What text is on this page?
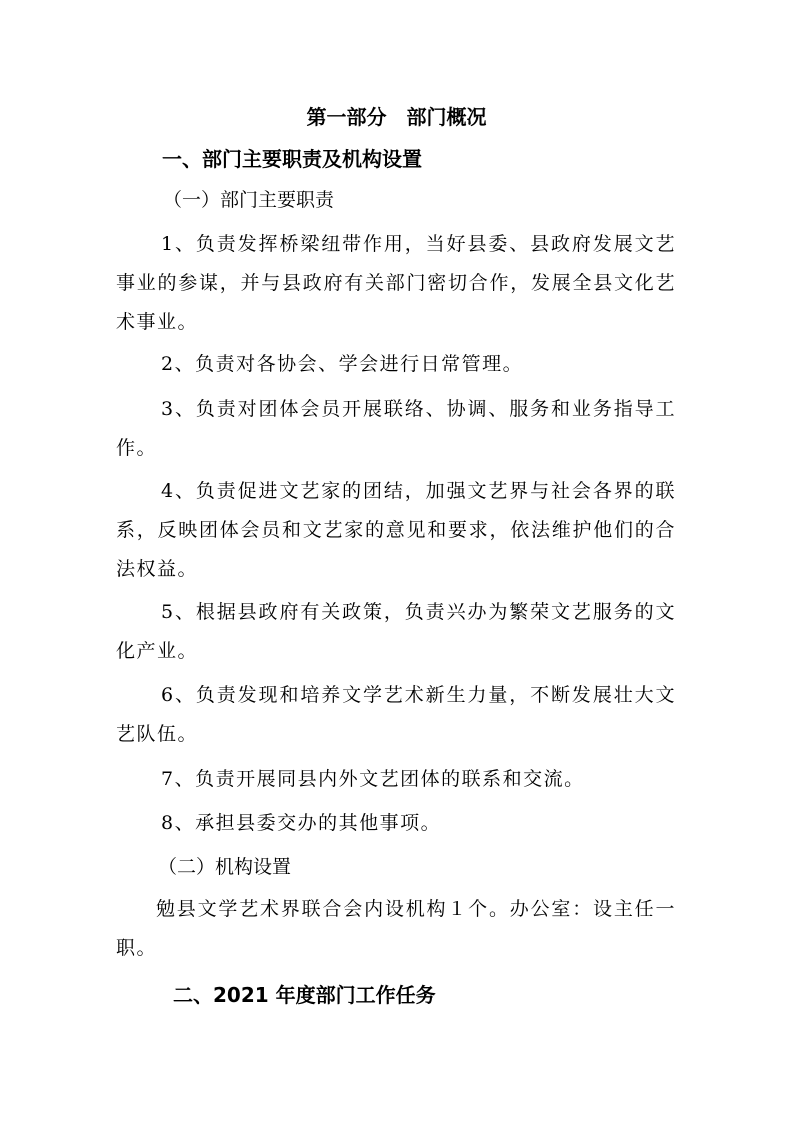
第一部分　部门概况
一、部门主要职责及机构设置
（一）部门主要职责

1、负责发挥桥梁纽带作用，当好县委、县政府发展文艺事业的参谋，并与县政府有关部门密切合作，发展全县文化艺术事业。

2、负责对各协会、学会进行日常管理。

3、负责对团体会员开展联络、协调、服务和业务指导工作。

4、负责促进文艺家的团结，加强文艺界与社会各界的联系，反映团体会员和文艺家的意见和要求，依法维护他们的合法权益。

5、根据县政府有关政策，负责兴办为繁荣文艺服务的文化产业。

6、负责发现和培养文学艺术新生力量，不断发展壮大文艺队伍。

7、负责开展同县内外文艺团体的联系和交流。

8、承担县委交办的其他事项。

（二）机构设置

勉县文学艺术界联合会内设机构１个。办公室：设主任一职。

二、2021 年度部门工作任务
